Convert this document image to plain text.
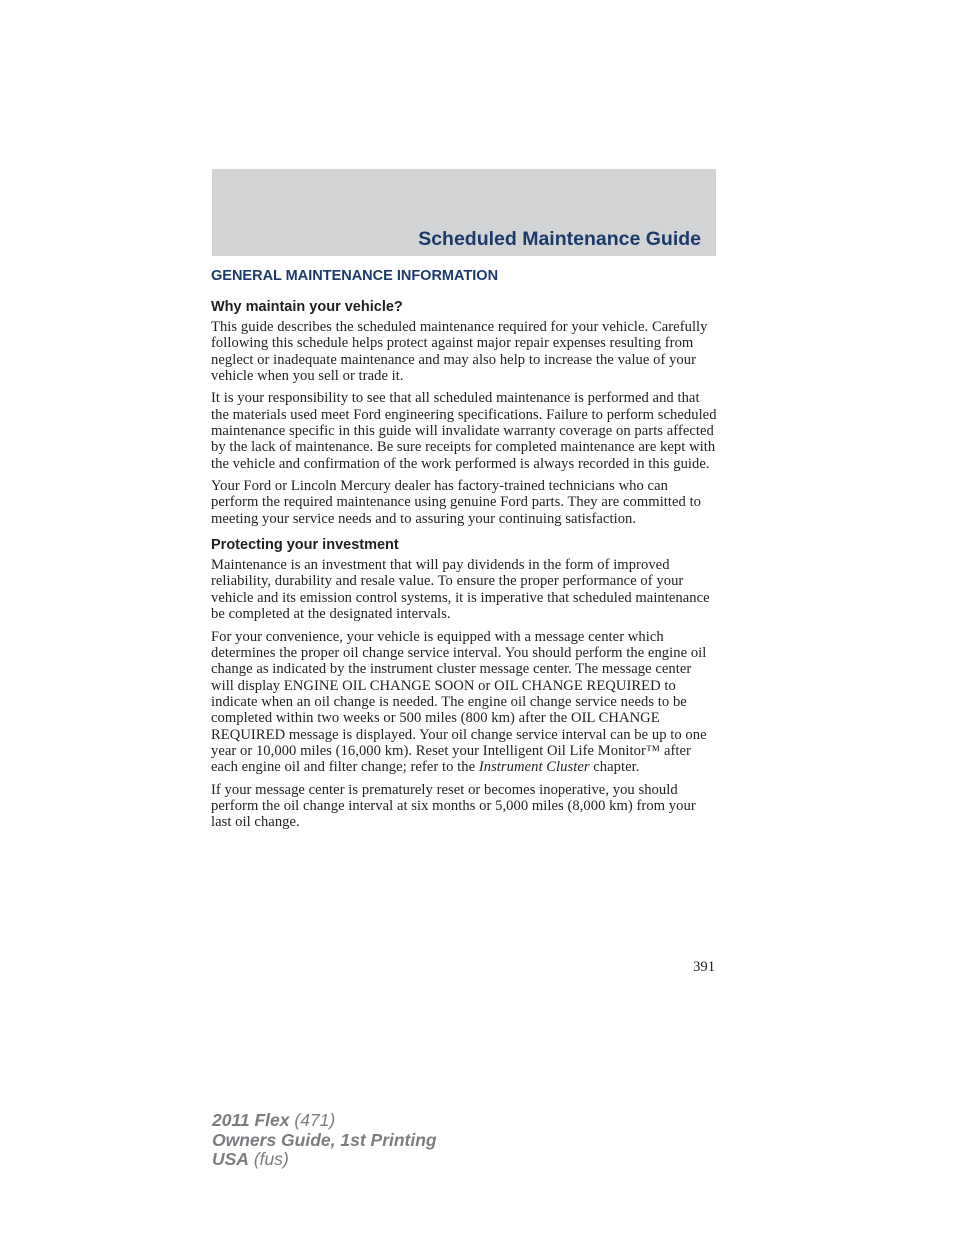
Scheduled Maintenance Guide
GENERAL MAINTENANCE INFORMATION
Why maintain your vehicle?

This guide describes the scheduled maintenance required for your vehicle. Carefully following this schedule helps protect against major repair expenses resulting from neglect or inadequate maintenance and may also help to increase the value of your vehicle when you sell or trade it.

It is your responsibility to see that all scheduled maintenance is performed and that the materials used meet Ford engineering specifications. Failure to perform scheduled maintenance specific in this guide will invalidate warranty coverage on parts affected by the lack of maintenance. Be sure receipts for completed maintenance are kept with the vehicle and confirmation of the work performed is always recorded in this guide.

Your Ford or Lincoln Mercury dealer has factory-trained technicians who can perform the required maintenance using genuine Ford parts. They are committed to meeting your service needs and to assuring your continuing satisfaction.

Protecting your investment

Maintenance is an investment that will pay dividends in the form of improved reliability, durability and resale value. To ensure the proper performance of your vehicle and its emission control systems, it is imperative that scheduled maintenance be completed at the designated intervals.

For your convenience, your vehicle is equipped with a message center which determines the proper oil change service interval. You should perform the engine oil change as indicated by the instrument cluster message center. The message center will display ENGINE OIL CHANGE SOON or OIL CHANGE REQUIRED to indicate when an oil change is needed. The engine oil change service needs to be completed within two weeks or 500 miles (800 km) after the OIL CHANGE REQUIRED message is displayed. Your oil change service interval can be up to one year or 10,000 miles (16,000 km). Reset your Intelligent Oil Life Monitor™ after each engine oil and filter change; refer to the Instrument Cluster chapter.

If your message center is prematurely reset or becomes inoperative, you should perform the oil change interval at six months or 5,000 miles (8,000 km) from your last oil change.

391
2011 Flex (471)
Owners Guide, 1st Printing
USA (fus)
